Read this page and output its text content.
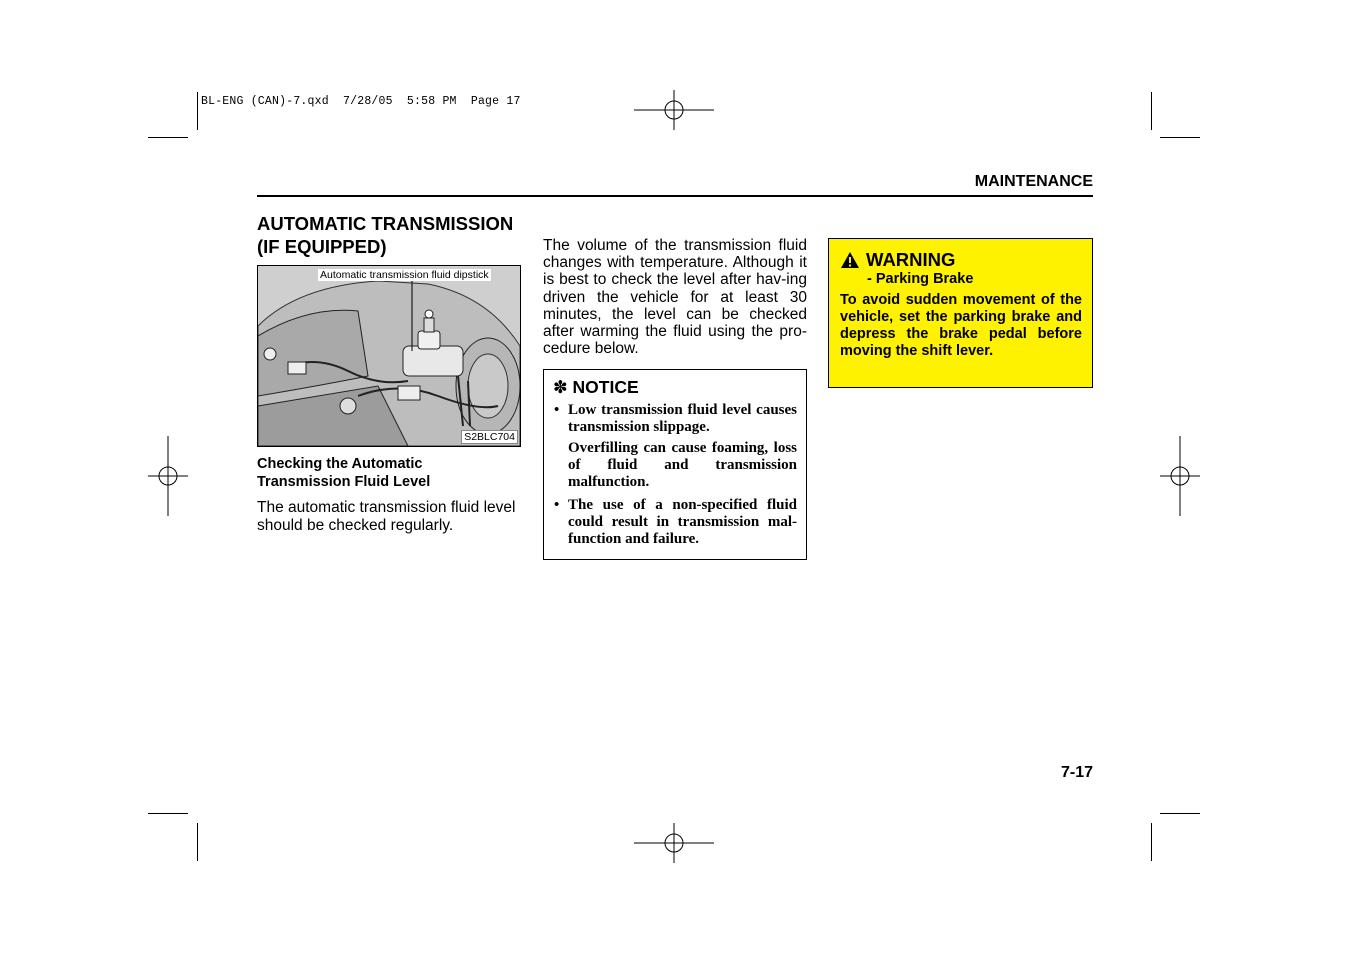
BL-ENG (CAN)-7.qxd  7/28/05  5:58 PM  Page 17
MAINTENANCE
AUTOMATIC TRANSMISSION
(IF EQUIPPED)
Automatic transmission fluid dipstick
S2BLC704
Checking the Automatic
Transmission Fluid Level
The automatic transmission fluid level should be checked regularly.
The volume of the transmission fluid changes with temperature. Although it is best to check the level after hav-ing driven the vehicle for at least 30 minutes, the level can be checked after warming the fluid using the pro-cedure below.
✽ NOTICE
• Low transmission fluid level causes transmission slippage.
Overfilling can cause foaming, loss of fluid and transmission malfunction.
• The use of a non-specified fluid could result in transmission mal-function and failure.
WARNING
- Parking Brake
To avoid sudden movement of the vehicle, set the parking brake and depress the brake pedal before moving the shift lever.
7-17
